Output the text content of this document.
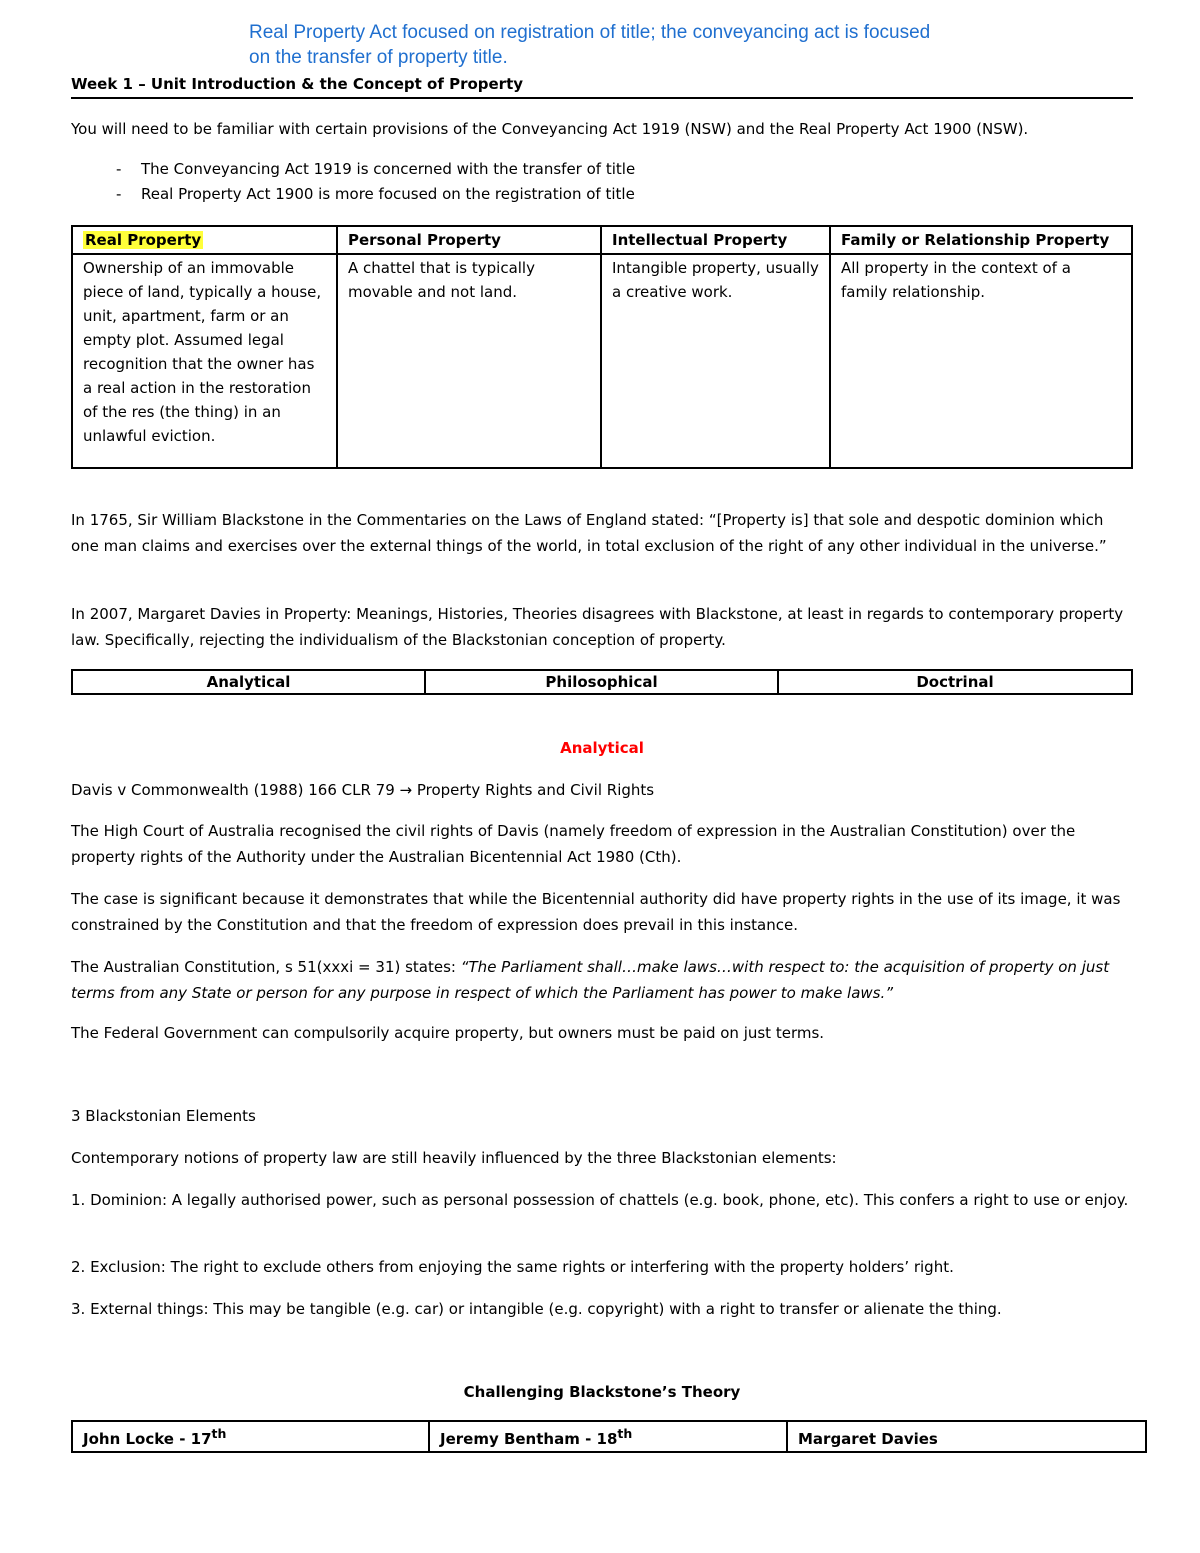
Real Property Act focused on registration of title; the conveyancing act is focused on the transfer of property title.
Week 1 – Unit Introduction & the Concept of Property
You will need to be familiar with certain provisions of the Conveyancing Act 1919 (NSW) and the Real Property Act 1900 (NSW).
- The Conveyancing Act 1919 is concerned with the transfer of title
- Real Property Act 1900 is more focused on the registration of title
Real Property	Personal Property	Intellectual Property	Family or Relationship Property
Ownership of an immovable piece of land, typically a house, unit, apartment, farm or an empty plot. Assumed legal recognition that the owner has a real action in the restoration of the res (the thing) in an unlawful eviction.	A chattel that is typically movable and not land.	Intangible property, usually a creative work.	All property in the context of a family relationship.
In 1765, Sir William Blackstone in the Commentaries on the Laws of England stated: “[Property is] that sole and despotic dominion which one man claims and exercises over the external things of the world, in total exclusion of the right of any other individual in the universe.”
In 2007, Margaret Davies in Property: Meanings, Histories, Theories disagrees with Blackstone, at least in regards to contemporary property law. Specifically, rejecting the individualism of the Blackstonian conception of property.
Analytical	Philosophical	Doctrinal
Analytical
Davis v Commonwealth (1988) 166 CLR 79 → Property Rights and Civil Rights
The High Court of Australia recognised the civil rights of Davis (namely freedom of expression in the Australian Constitution) over the property rights of the Authority under the Australian Bicentennial Act 1980 (Cth).
The case is significant because it demonstrates that while the Bicentennial authority did have property rights in the use of its image, it was constrained by the Constitution and that the freedom of expression does prevail in this instance.
The Australian Constitution, s 51(xxxi = 31) states: “The Parliament shall…make laws…with respect to: the acquisition of property on just terms from any State or person for any purpose in respect of which the Parliament has power to make laws.”
The Federal Government can compulsorily acquire property, but owners must be paid on just terms.
3 Blackstonian Elements
Contemporary notions of property law are still heavily influenced by the three Blackstonian elements:
1. Dominion: A legally authorised power, such as personal possession of chattels (e.g. book, phone, etc). This confers a right to use or enjoy.
2. Exclusion: The right to exclude others from enjoying the same rights or interfering with the property holders’ right.
3. External things: This may be tangible (e.g. car) or intangible (e.g. copyright) with a right to transfer or alienate the thing.
Challenging Blackstone’s Theory
John Locke - 17th	Jeremy Bentham - 18th	Margaret Davies
